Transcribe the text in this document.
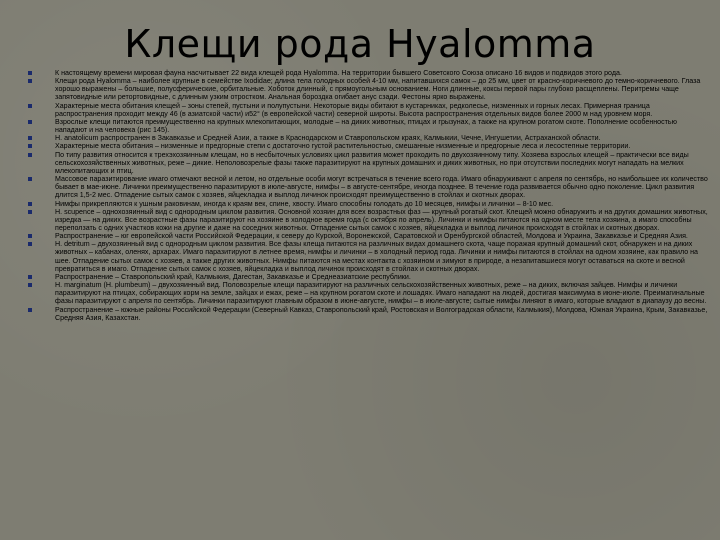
Клещи рода Hyalomma
К настоящему времени мировая фауна насчитывает 22 вида клещей рода Hyalomma. На территории бывшего Советского Союза описано 16 видов и подвидов этого рода.
Клещи рода Hyalomma – наиболее крупные в семействе Ixodidae; длина тела голодных особей 4-10 мм, напитавшихся самок – до 25 мм, цвет от красно-коричневого до темно-коричневого. Глаза хорошо выражены – большие, полусферические, орбитальные. Хоботок длинный, с прямоугольным основанием. Ноги длинные, коксы первой пары глубоко расщеплены. Перитремы чаще запятовидные или ретортовидные, с длинным узким отростком. Анальная бороздка огибает анус сзади. Фестоны ярко выражены.
Характерные места обитания клещей – зоны степей, пустыни и полупустыни. Некоторые виды обитают в кустарниках, редколесье, низменных и горных лесах. Примерная граница распространения проходит между 46 (в азиатской части) и52° (в европейской части) северной широты. Высота распространения отдельных видов более 2000 м над уровнем моря.
Взрослые клещи питаются преимущественно на крупных млекопитающих, молодые – на диких животных, птицах и грызунах, а также на крупном рогатом скоте. Пополнение особенностью нападают и на человека (рис 145).
H. anatolicum распространен в Закавказье и Средней Азии, а также в Краснодарском и Ставропольском краях, Калмыкии, Чечне, Ингушетии, Астраханской области.
Характерные места обитания – низменные и предгорные степи с достаточно густой растительностью, смешанные низменные и предгорные леса и лесостепные территории.
По типу развития относится к трехэхозяинным клещам, но в несбыточных условиях цикл развития может проходить по двухозяинному типу. Хозяева взрослых клещей – практически все виды сельскохозяйственных животных, реже – дикие. Неполовозрелые фазы также паразитируют на крупных домашних и диких животных, но при отсутствии последних могут нападать на мелких млекопитающих и птиц.
Массовое паразитирование имаго отмечают весной и летом, но отдельные особи могут встречаться в течение всего года. Имаго обнаруживают с апреля по сентябрь, но наибольшее их количество бывает в мае-июне. Личинки преимущественно паразитируют в июле-августе, нимфы – в августе-сентябре, иногда позднее. В течение года развивается обычно одно поколение. Цикл развития длится 1,5-2 мес. Отпадение сытых самок с хозяев, яйцекладка и выплод личинок происходят преимущественно в стойлах и скотных дворах.
Нимфы прикрепляются к ушным раковинам, иногда к краям век, спине, хвосту. Имаго способны голодать до 10 месяцев, нимфы и личинки – 8-10 мес.
H. scupence – однохозяинный вид с однородным циклом развития. Основной хозяин для всех возрастных фаз — крупный рогатый скот. Клещей можно обнаружить и на других домашних животных, изредка — на диких. Все возрастные фазы паразитируют на хозяине в холодное время года (с октября по апрель). Личинки и нимфы питаются на одном месте тела хозяина, а имаго способны переползать с одних участков кожи на другие и даже на соседних животных. Отпадение сытых самок с хозяев, яйцекладка и выплод личинок происходят в стойлах и скотных дворах.
Распространение – юг европейской части Российской Федерации, к северу до Курской, Воронежской, Саратовской и Оренбургской областей, Молдова и Украина, Закавказье и Средняя Азия.
H. detritum – двухозяинный вид с однородным циклом развития. Все фазы клеща питаются на различных видах домашнего скота, чаще поражая крупный домашний скот, обнаружен и на диких животных – кабанах, оленях, архарах. Имаго паразитируют в летнее время, нимфы и личинки – в холодный период года. Личинки и нимфы питаются в стойлах на одном хозяине, как правило на шее. Отпадение сытых самок с хозяев, а также других животных. Нимфы питаются на местах контакта с хозяином и зимуют в природе, а незапитавшиеся могут оставаться на скоте и весной превратиться в имаго. Отпадение сытых самок с хозяев, яйцекладка и выплод личинок происходят в стойлах и скотных дворах.
Распространение – Ставропольский край, Калмыкия, Дагестан, Закавказье и Среднеазиатские республики.
H. marginatum (H. plumbeum) – двухозяинный вид. Половозрелые клещи паразитируют на различных сельскохозяйственных животных, реже – на диких, включая зайцев. Нимфы и личинки паразитируют на птицах, собирающих корм на земле, зайцах и ежах, реже – на крупном рогатом скоте и лошадях. Имаго нападают на людей, достигая максимума в июне-июле. Преимагинальные фазы паразитируют с апреля по сентябрь. Личинки паразитируют главным образом в июне-августе, нимфы – в июле-августе; сытые нимфы линяют в имаго, которые владают в диапаузу до весны.
Распространение – южные районы Российской Федерации (Северный Кавказ, Ставропольский край, Ростовская и Волгоградская области, Калмыкия), Молдова, Южная Украина, Крым, Закавказье, Средняя Азия, Казахстан.
